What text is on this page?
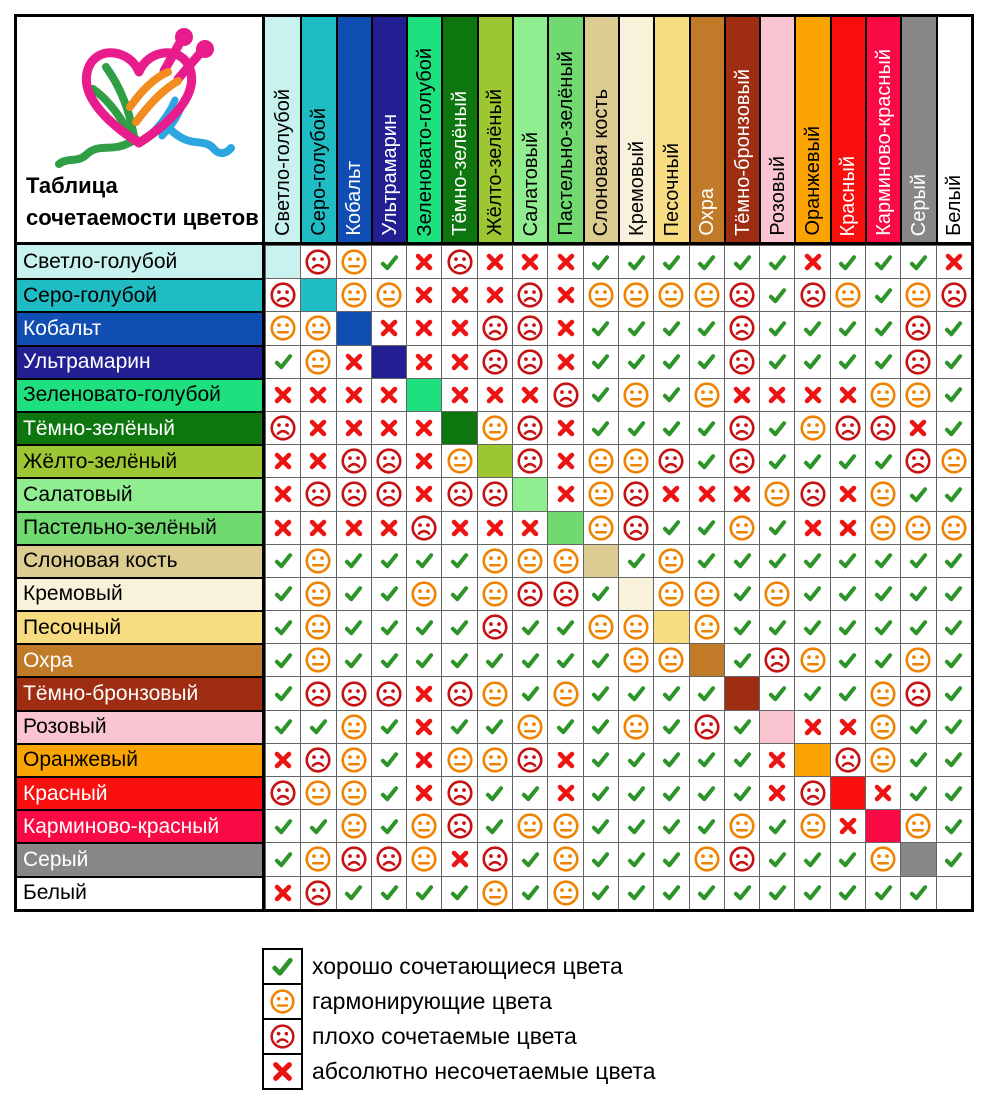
Таблица
сочетаемости цветов Светло-голубой Серо-голубой Кобальт Ультрамарин Зеленовато-голубой Тёмно-зелёный Жёлто-зелёный Салатовый Пастельно-зелёный Слоновая кость Кремовый Песочный Охра Тёмно-бронзовый Розовый Оранжевый Красный Карминово-красный Серый Белый
Светло-голубой
Серо-голубой
Кобальт
Ультрамарин
Зеленовато-голубой
Тёмно-зелёный
Жёлто-зелёный
Салатовый
Пастельно-зелёный
Слоновая кость
Кремовый
Песочный
Охра
Тёмно-бронзовый
Розовый
Оранжевый
Красный
Карминово-красный
Серый
Белый
хорошо сочетающиеся цвета
гармонирующие цвета
плохо сочетаемые цвета
абсолютно несочетаемые цвета
